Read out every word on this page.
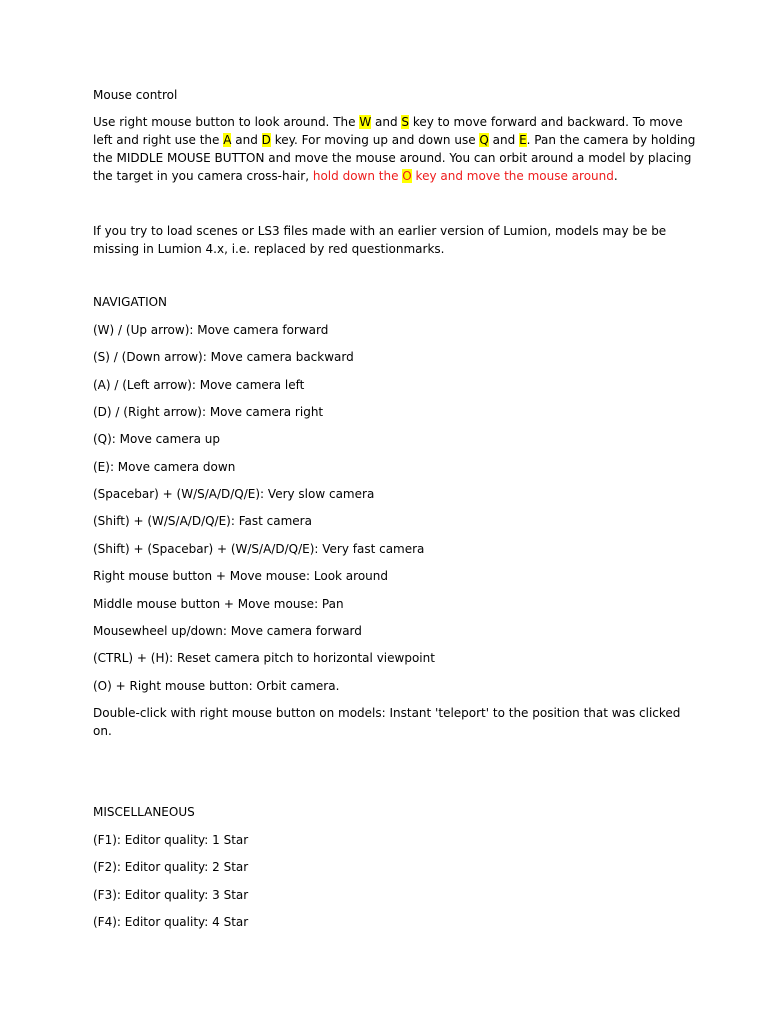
Mouse control
Use right mouse button to look around. The W and S key to move forward and backward. To move
left and right use the A and D key. For moving up and down use Q and E. Pan the camera by holding
the MIDDLE MOUSE BUTTON and move the mouse around. You can orbit around a model by placing
the target in you camera cross-hair, hold down the O key and move the mouse around.
If you try to load scenes or LS3 files made with an earlier version of Lumion, models may be be
missing in Lumion 4.x, i.e. replaced by red questionmarks.
NAVIGATION
(W) / (Up arrow): Move camera forward
(S) / (Down arrow): Move camera backward
(A) / (Left arrow): Move camera left
(D) / (Right arrow): Move camera right
(Q): Move camera up
(E): Move camera down
(Spacebar) + (W/S/A/D/Q/E): Very slow camera
(Shift) + (W/S/A/D/Q/E): Fast camera
(Shift) + (Spacebar) + (W/S/A/D/Q/E): Very fast camera
Right mouse button + Move mouse: Look around
Middle mouse button + Move mouse: Pan
Mousewheel up/down: Move camera forward
(CTRL) + (H): Reset camera pitch to horizontal viewpoint
(O) + Right mouse button: Orbit camera.
Double-click with right mouse button on models: Instant 'teleport' to the position that was clicked
on.
MISCELLANEOUS
(F1): Editor quality: 1 Star
(F2): Editor quality: 2 Star
(F3): Editor quality: 3 Star
(F4): Editor quality: 4 Star
